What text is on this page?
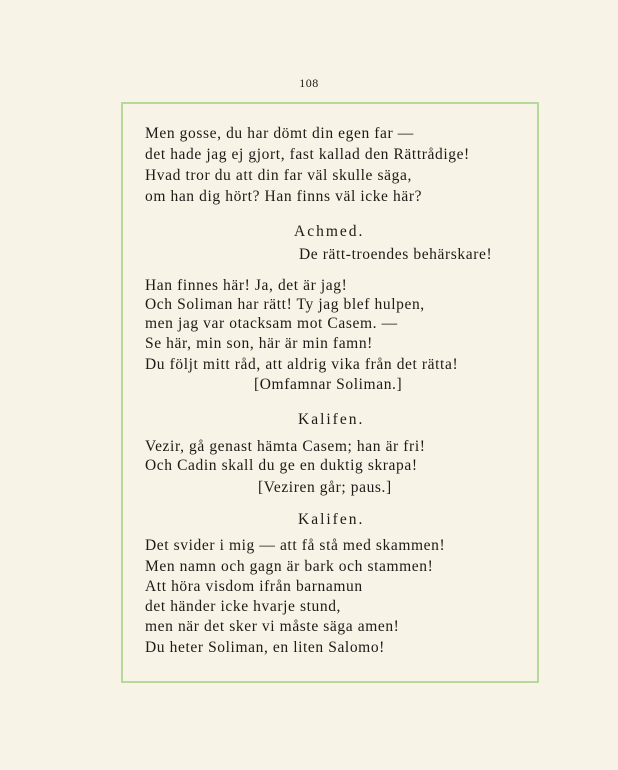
108
Men gosse, du har dömt din egen far —
det hade jag ej gjort, fast kallad den Rättrådige!
Hvad tror du att din far väl skulle säga,
om han dig hört? Han finns väl icke här?
Achmed.
De rätt-troendes behärskare!
Han finnes här! Ja, det är jag!
Och Soliman har rätt! Ty jag blef hulpen,
men jag var otacksam mot Casem. —
Se här, min son, här är min famn!
Du följt mitt råd, att aldrig vika från det rätta!
[Omfamnar Soliman.]
Kalifen.
Vezir, gå genast hämta Casem; han är fri!
Och Cadin skall du ge en duktig skrapa!
[Veziren går; paus.]
Kalifen.
Det svider i mig — att få stå med skammen!
Men namn och gagn är bark och stammen!
Att höra visdom ifrån barnamun
det händer icke hvarje stund,
men när det sker vi måste säga amen!
Du heter Soliman, en liten Salomo!
